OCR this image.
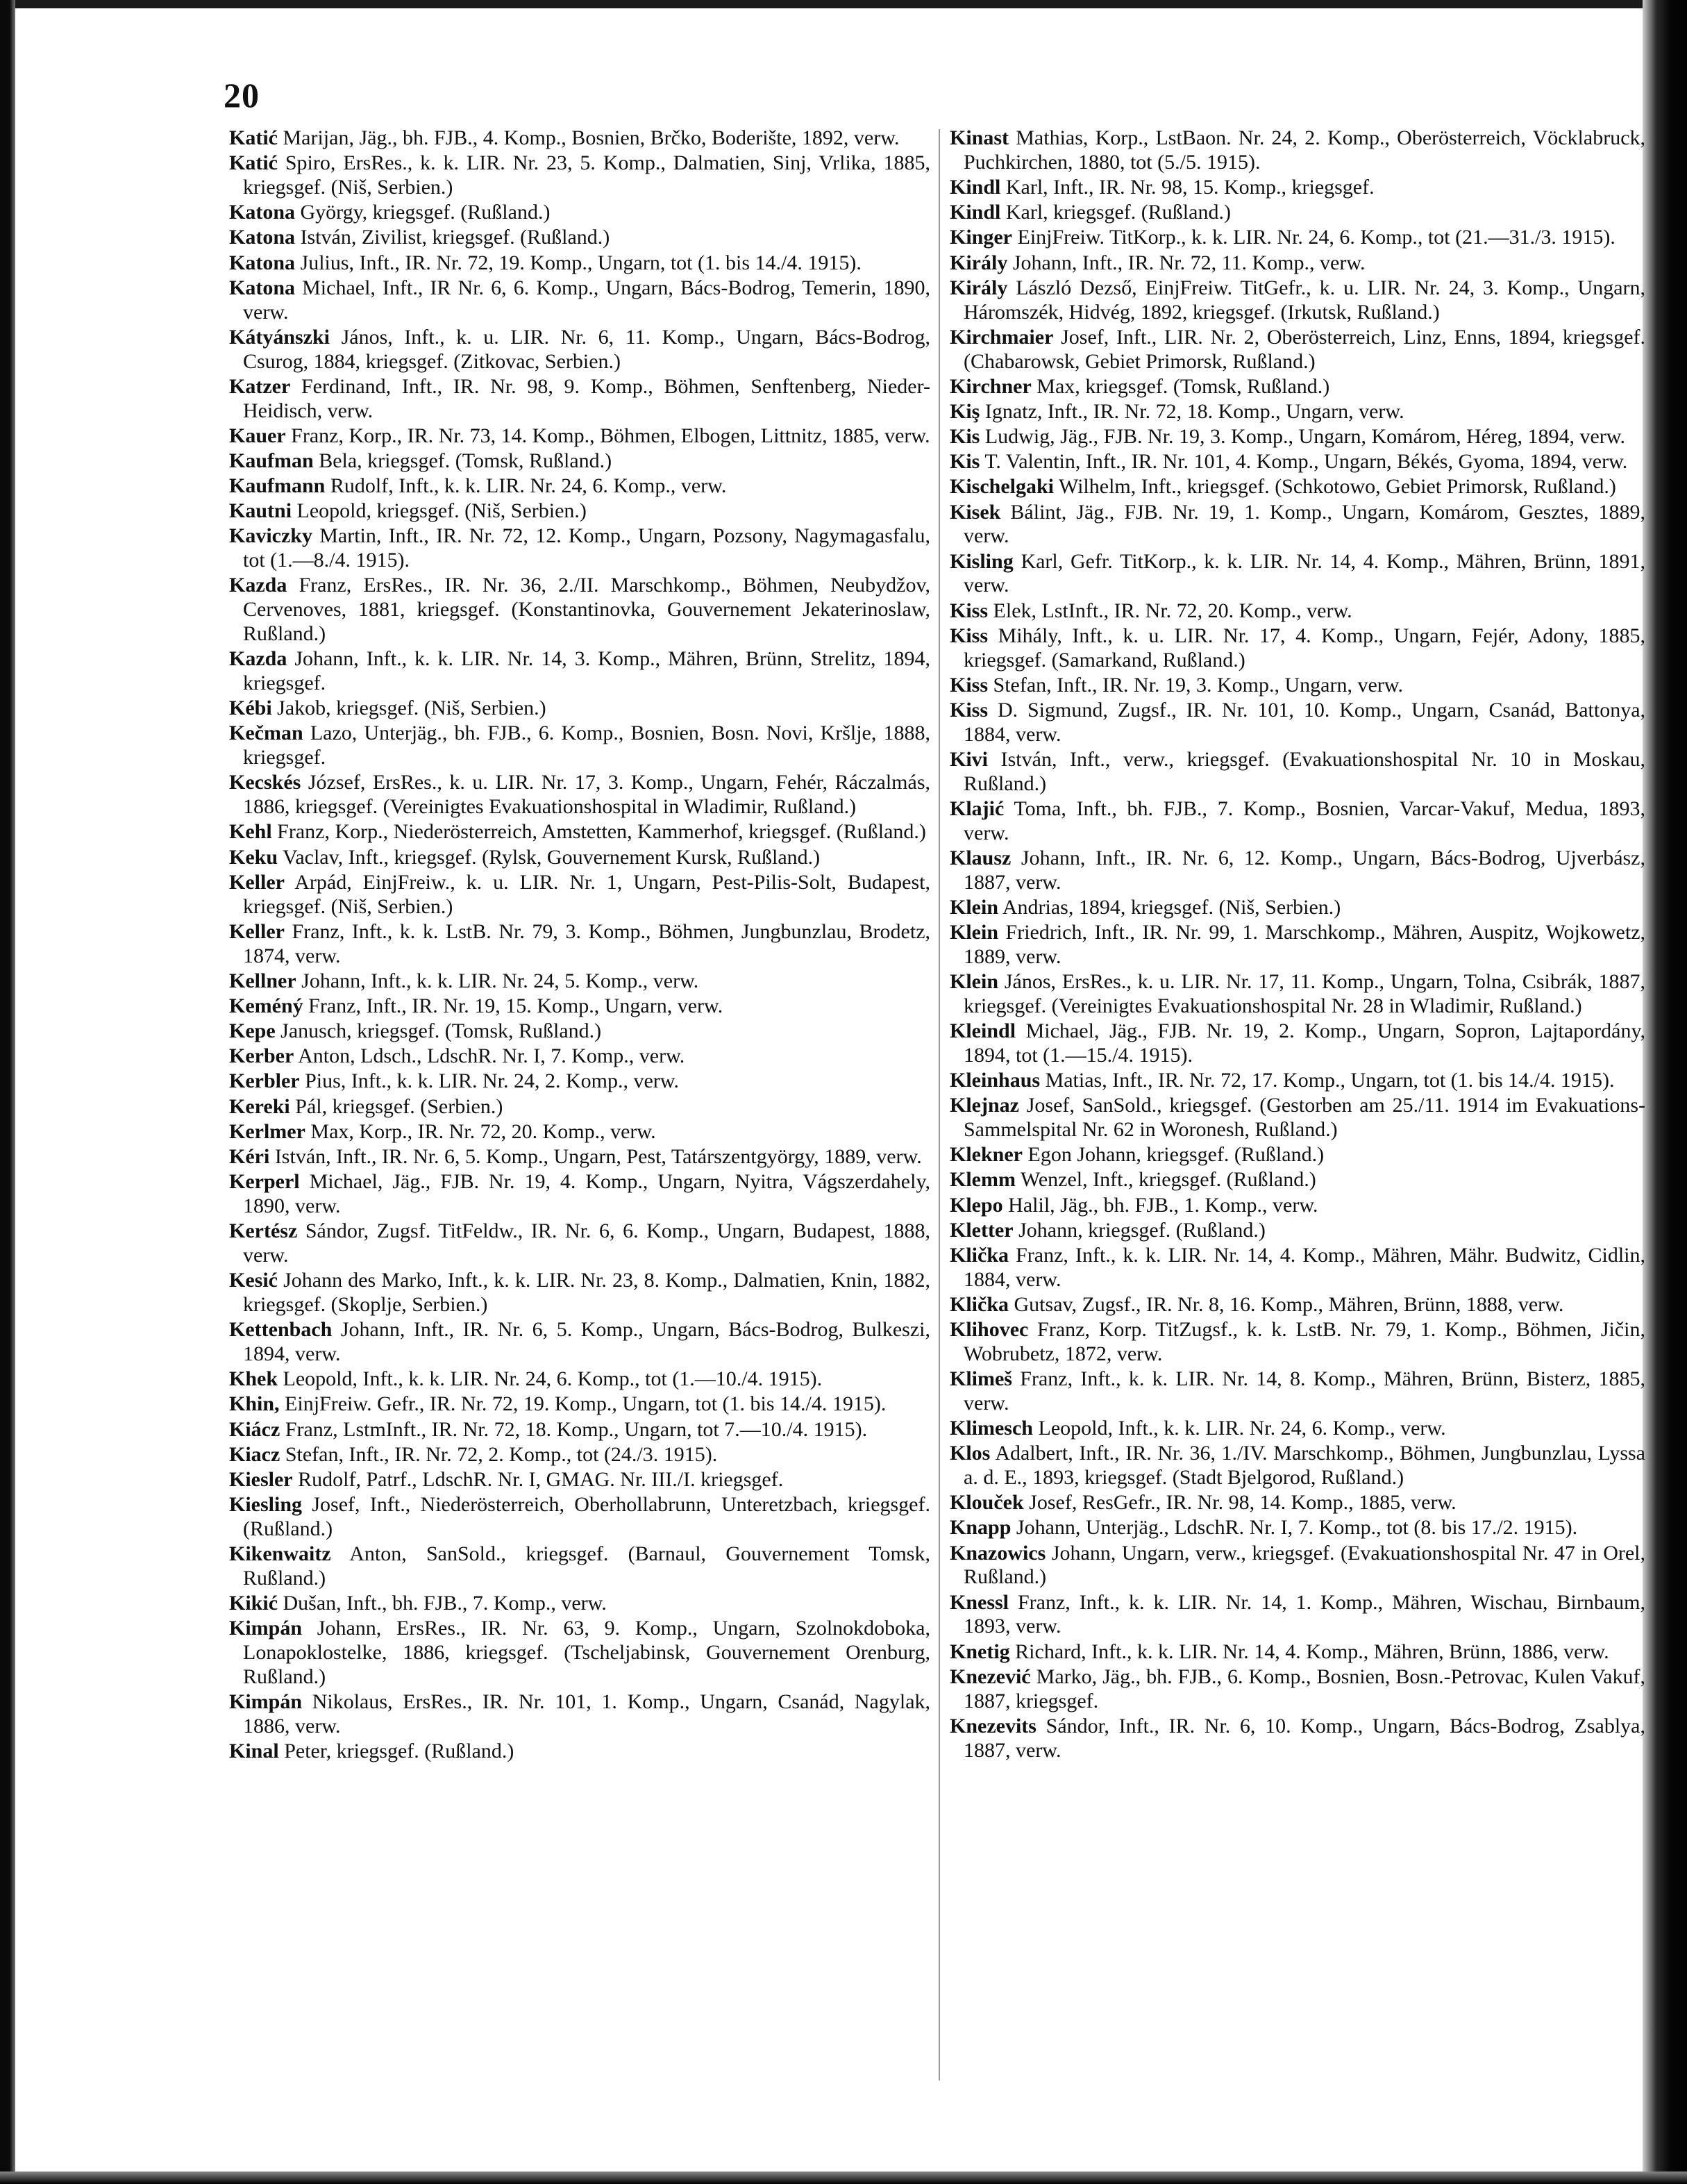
20

Katić Marijan, Jäg., bh. FJB., 4. Komp., Bosnien, Brčko, Boderište, 1892, verw.

Katić Spiro, ErsRes., k. k. LIR. Nr. 23, 5. Komp., Dalmatien, Sinj, Vrlika, 1885, kriegsgef. (Niš, Serbien.)

Katona György, kriegsgef. (Rußland.)

Katona István, Zivilist, kriegsgef. (Rußland.)

Katona Julius, Inft., IR. Nr. 72, 19. Komp., Ungarn, tot (1. bis 14./4. 1915).

Katona Michael, Inft., IR Nr. 6, 6. Komp., Ungarn, Bács-Bodrog, Temerin, 1890, verw.

Kátyánszki János, Inft., k. u. LIR. Nr. 6, 11. Komp., Ungarn, Bács-Bodrog, Csurog, 1884, kriegsgef. (Zitkovac, Serbien.)

Katzer Ferdinand, Inft., IR. Nr. 98, 9. Komp., Böhmen, Senftenberg, Nieder-Heidisch, verw.

Kauer Franz, Korp., IR. Nr. 73, 14. Komp., Böhmen, Elbogen, Littnitz, 1885, verw.

Kaufman Bela, kriegsgef. (Tomsk, Rußland.)

Kaufmann Rudolf, Inft., k. k. LIR. Nr. 24, 6. Komp., verw.

Kautni Leopold, kriegsgef. (Niš, Serbien.)

Kaviczky Martin, Inft., IR. Nr. 72, 12. Komp., Ungarn, Pozsony, Nagymagasfalu, tot (1.—8./4. 1915).

Kazda Franz, ErsRes., IR. Nr. 36, 2./II. Marschkomp., Böhmen, Neubydžov, Cervenoves, 1881, kriegsgef. (Konstantinovka, Gouvernement Jekaterinoslaw, Rußland.)

Kazda Johann, Inft., k. k. LIR. Nr. 14, 3. Komp., Mähren, Brünn, Strelitz, 1894, kriegsgef.

Kébi Jakob, kriegsgef. (Niš, Serbien.)

Kečman Lazo, Unterjäg., bh. FJB., 6. Komp., Bosnien, Bosn. Novi, Kršlje, 1888, kriegsgef.

Kecskés József, ErsRes., k. u. LIR. Nr. 17, 3. Komp., Ungarn, Fehér, Ráczalmás, 1886, kriegsgef. (Vereinigtes Evakuationshospital in Wladimir, Rußland.)

Kehl Franz, Korp., Niederösterreich, Amstetten, Kammerhof, kriegsgef. (Rußland.)

Keku Vaclav, Inft., kriegsgef. (Rylsk, Gouvernement Kursk, Rußland.)

Keller Arpád, EinjFreiw., k. u. LIR. Nr. 1, Ungarn, Pest-Pilis-Solt, Budapest, kriegsgef. (Niš, Serbien.)

Keller Franz, Inft., k. k. LstB. Nr. 79, 3. Komp., Böhmen, Jungbunzlau, Brodetz, 1874, verw.

Kellner Johann, Inft., k. k. LIR. Nr. 24, 5. Komp., verw.

Keméný Franz, Inft., IR. Nr. 19, 15. Komp., Ungarn, verw.

Kepe Janusch, kriegsgef. (Tomsk, Rußland.)

Kerber Anton, Ldsch., LdschR. Nr. I, 7. Komp., verw.

Kerbler Pius, Inft., k. k. LIR. Nr. 24, 2. Komp., verw.

Kereki Pál, kriegsgef. (Serbien.)

Kerlmer Max, Korp., IR. Nr. 72, 20. Komp., verw.

Kéri István, Inft., IR. Nr. 6, 5. Komp., Ungarn, Pest, Tatárszentgyörgy, 1889, verw.

Kerperl Michael, Jäg., FJB. Nr. 19, 4. Komp., Ungarn, Nyitra, Vágszerdahely, 1890, verw.

Kertész Sándor, Zugsf. TitFeldw., IR. Nr. 6, 6. Komp., Ungarn, Budapest, 1888, verw.

Kesić Johann des Marko, Inft., k. k. LIR. Nr. 23, 8. Komp., Dalmatien, Knin, 1882, kriegsgef. (Skoplje, Serbien.)

Kettenbach Johann, Inft., IR. Nr. 6, 5. Komp., Ungarn, Bács-Bodrog, Bulkeszi, 1894, verw.

Khek Leopold, Inft., k. k. LIR. Nr. 24, 6. Komp., tot (1.—10./4. 1915).

Khin, EinjFreiw. Gefr., IR. Nr. 72, 19. Komp., Ungarn, tot (1. bis 14./4. 1915).

Kiácz Franz, LstmInft., IR. Nr. 72, 18. Komp., Ungarn, tot 7.—10./4. 1915).

Kiacz Stefan, Inft., IR. Nr. 72, 2. Komp., tot (24./3. 1915).

Kiesler Rudolf, Patrf., LdschR. Nr. I, GMAG. Nr. III./I. kriegsgef.

Kiesling Josef, Inft., Niederösterreich, Oberhollabrunn, Unteretzbach, kriegsgef. (Rußland.)

Kikenwaitz Anton, SanSold., kriegsgef. (Barnaul, Gouvernement Tomsk, Rußland.)

Kikić Dušan, Inft., bh. FJB., 7. Komp., verw.

Kimpán Johann, ErsRes., IR. Nr. 63, 9. Komp., Ungarn, Szolnokdoboka, Lonapoklostelke, 1886, kriegsgef. (Tscheljabinsk, Gouvernement Orenburg, Rußland.)

Kimpán Nikolaus, ErsRes., IR. Nr. 101, 1. Komp., Ungarn, Csanád, Nagylak, 1886, verw.

Kinal Peter, kriegsgef. (Rußland.)

Kinast Mathias, Korp., LstBaon. Nr. 24, 2. Komp., Oberösterreich, Vöcklabruck, Puchkirchen, 1880, tot (5./5. 1915).

Kindl Karl, Inft., IR. Nr. 98, 15. Komp., kriegsgef.

Kindl Karl, kriegsgef. (Rußland.)

Kinger EinjFreiw. TitKorp., k. k. LIR. Nr. 24, 6. Komp., tot (21.—31./3. 1915).

Király Johann, Inft., IR. Nr. 72, 11. Komp., verw.

Király László Dezső, EinjFreiw. TitGefr., k. u. LIR. Nr. 24, 3. Komp., Ungarn, Háromszék, Hidvég, 1892, kriegsgef. (Irkutsk, Rußland.)

Kirchmaier Josef, Inft., LIR. Nr. 2, Oberösterreich, Linz, Enns, 1894, kriegsgef. (Chabarowsk, Gebiet Primorsk, Rußland.)

Kirchner Max, kriegsgef. (Tomsk, Rußland.)

Kiş Ignatz, Inft., IR. Nr. 72, 18. Komp., Ungarn, verw.

Kis Ludwig, Jäg., FJB. Nr. 19, 3. Komp., Ungarn, Komárom, Héreg, 1894, verw.

Kis T. Valentin, Inft., IR. Nr. 101, 4. Komp., Ungarn, Békés, Gyoma, 1894, verw.

Kischelgaki Wilhelm, Inft., kriegsgef. (Schkotowo, Gebiet Primorsk, Rußland.)

Kisek Bálint, Jäg., FJB. Nr. 19, 1. Komp., Ungarn, Komárom, Gesztes, 1889, verw.

Kisling Karl, Gefr. TitKorp., k. k. LIR. Nr. 14, 4. Komp., Mähren, Brünn, 1891, verw.

Kiss Elek, LstInft., IR. Nr. 72, 20. Komp., verw.

Kiss Mihály, Inft., k. u. LIR. Nr. 17, 4. Komp., Ungarn, Fejér, Adony, 1885, kriegsgef. (Samarkand, Rußland.)

Kiss Stefan, Inft., IR. Nr. 19, 3. Komp., Ungarn, verw.

Kiss D. Sigmund, Zugsf., IR. Nr. 101, 10. Komp., Ungarn, Csanád, Battonya, 1884, verw.

Kivi István, Inft., verw., kriegsgef. (Evakuationshospital Nr. 10 in Moskau, Rußland.)

Klajić Toma, Inft., bh. FJB., 7. Komp., Bosnien, Varcar-Vakuf, Medua, 1893, verw.

Klausz Johann, Inft., IR. Nr. 6, 12. Komp., Ungarn, Bács-Bodrog, Ujverbász, 1887, verw.

Klein Andrias, 1894, kriegsgef. (Niš, Serbien.)

Klein Friedrich, Inft., IR. Nr. 99, 1. Marschkomp., Mähren, Auspitz, Wojkowetz, 1889, verw.

Klein János, ErsRes., k. u. LIR. Nr. 17, 11. Komp., Ungarn, Tolna, Csibrák, 1887, kriegsgef. (Vereinigtes Evakuationshospital Nr. 28 in Wladimir, Rußland.)

Kleindl Michael, Jäg., FJB. Nr. 19, 2. Komp., Ungarn, Sopron, Lajtapordány, 1894, tot (1.—15./4. 1915).

Kleinhaus Matias, Inft., IR. Nr. 72, 17. Komp., Ungarn, tot (1. bis 14./4. 1915).

Klejnaz Josef, SanSold., kriegsgef. (Gestorben am 25./11. 1914 im Evakuations-Sammelspital Nr. 62 in Woronesh, Rußland.)

Klekner Egon Johann, kriegsgef. (Rußland.)

Klemm Wenzel, Inft., kriegsgef. (Rußland.)

Klepo Halil, Jäg., bh. FJB., 1. Komp., verw.

Kletter Johann, kriegsgef. (Rußland.)

Klička Franz, Inft., k. k. LIR. Nr. 14, 4. Komp., Mähren, Mähr. Budwitz, Cidlin, 1884, verw.

Klička Gutsav, Zugsf., IR. Nr. 8, 16. Komp., Mähren, Brünn, 1888, verw.

Klihovec Franz, Korp. TitZugsf., k. k. LstB. Nr. 79, 1. Komp., Böhmen, Jičin, Wobrubetz, 1872, verw.

Klimeš Franz, Inft., k. k. LIR. Nr. 14, 8. Komp., Mähren, Brünn, Bisterz, 1885, verw.

Klimesch Leopold, Inft., k. k. LIR. Nr. 24, 6. Komp., verw.

Klos Adalbert, Inft., IR. Nr. 36, 1./IV. Marschkomp., Böhmen, Jungbunzlau, Lyssa a. d. E., 1893, kriegsgef. (Stadt Bjelgorod, Rußland.)

Klouček Josef, ResGefr., IR. Nr. 98, 14. Komp., 1885, verw.

Knapp Johann, Unterjäg., LdschR. Nr. I, 7. Komp., tot (8. bis 17./2. 1915).

Knazowics Johann, Ungarn, verw., kriegsgef. (Evakuationshospital Nr. 47 in Orel, Rußland.)

Knessl Franz, Inft., k. k. LIR. Nr. 14, 1. Komp., Mähren, Wischau, Birnbaum, 1893, verw.

Knetig Richard, Inft., k. k. LIR. Nr. 14, 4. Komp., Mähren, Brünn, 1886, verw.

Knezević Marko, Jäg., bh. FJB., 6. Komp., Bosnien, Bosn.-Petrovac, Kulen Vakuf, 1887, kriegsgef.

Knezevits Sándor, Inft., IR. Nr. 6, 10. Komp., Ungarn, Bács-Bodrog, Zsablya, 1887, verw.
